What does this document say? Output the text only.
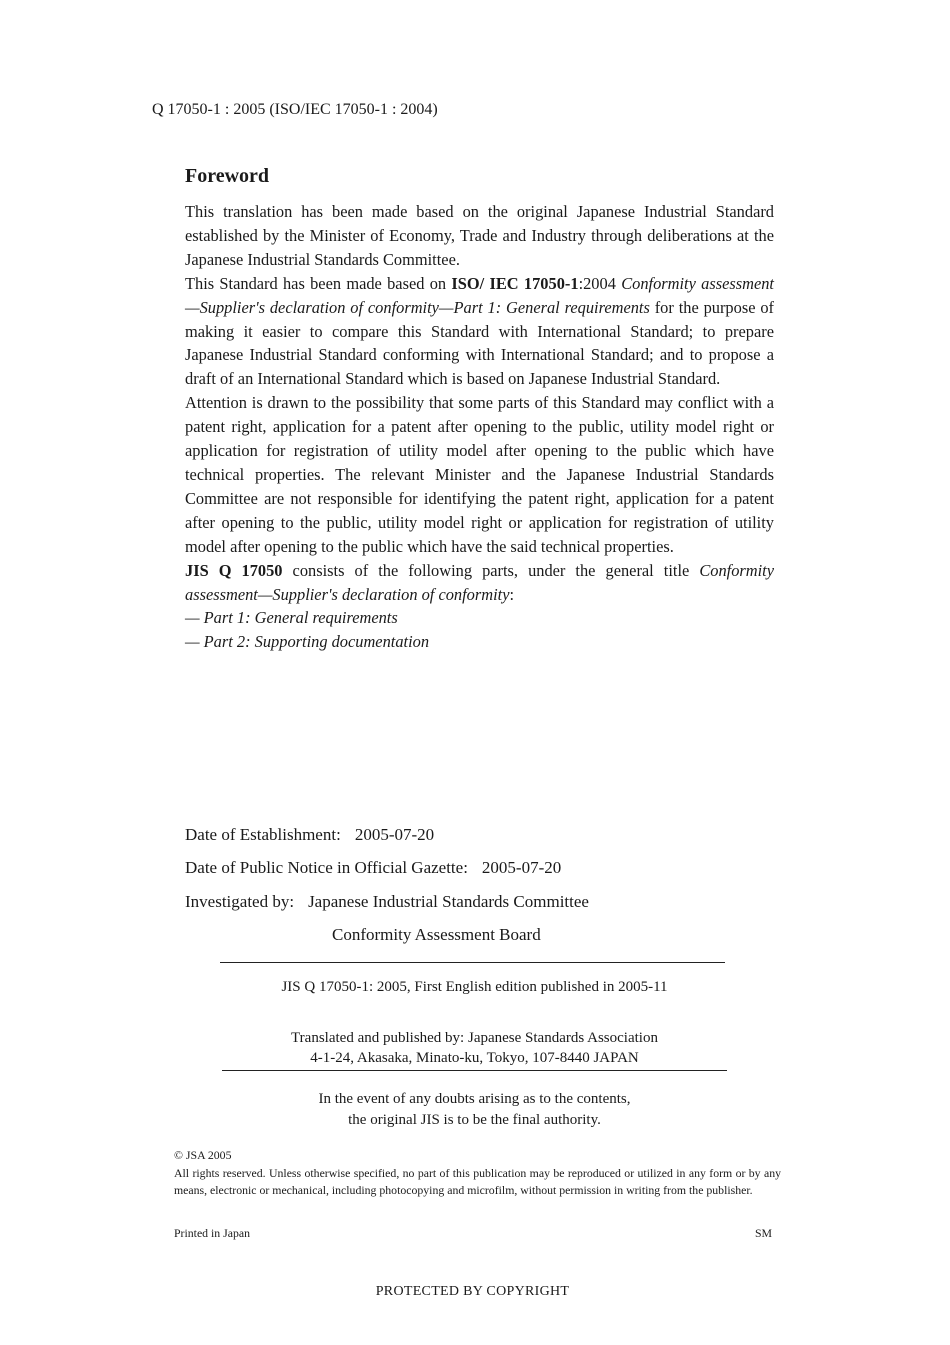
Q 17050-1 : 2005 (ISO/IEC 17050-1 : 2004)
Foreword

This translation has been made based on the original Japanese Industrial Standard established by the Minister of Economy, Trade and Industry through deliberations at the Japanese Industrial Standards Committee.

This Standard has been made based on ISO/ IEC 17050-1:2004 Conformity assessment—Supplier's declaration of conformity—Part 1: General requirements for the purpose of making it easier to compare this Standard with International Standard; to prepare Japanese Industrial Standard conforming with International Standard; and to propose a draft of an International Standard which is based on Japanese Industrial Standard.

Attention is drawn to the possibility that some parts of this Standard may conflict with a patent right, application for a patent after opening to the public, utility model right or application for registration of utility model after opening to the public which have technical properties. The relevant Minister and the Japanese Industrial Standards Committee are not responsible for identifying the patent right, application for a patent after opening to the public, utility model right or application for registration of utility model after opening to the public which have the said technical properties.

JIS Q 17050 consists of the following parts, under the general title Conformity assessment—Supplier's declaration of conformity:

— Part 1: General requirements

— Part 2: Supporting documentation

Date of Establishment: 2005-07-20
Date of Public Notice in Official Gazette: 2005-07-20
Investigated by: Japanese Industrial Standards Committee
Conformity Assessment Board
JIS Q 17050-1: 2005, First English edition published in 2005-11
Translated and published by: Japanese Standards Association
4-1-24, Akasaka, Minato-ku, Tokyo, 107-8440 JAPAN
In the event of any doubts arising as to the contents,
the original JIS is to be the final authority.
© JSA 2005
All rights reserved. Unless otherwise specified, no part of this publication may be reproduced or utilized in any form or by any means, electronic or mechanical, including photocopying and microfilm, without permission in writing from the publisher.
Printed in Japan	SM
PROTECTED BY COPYRIGHT
